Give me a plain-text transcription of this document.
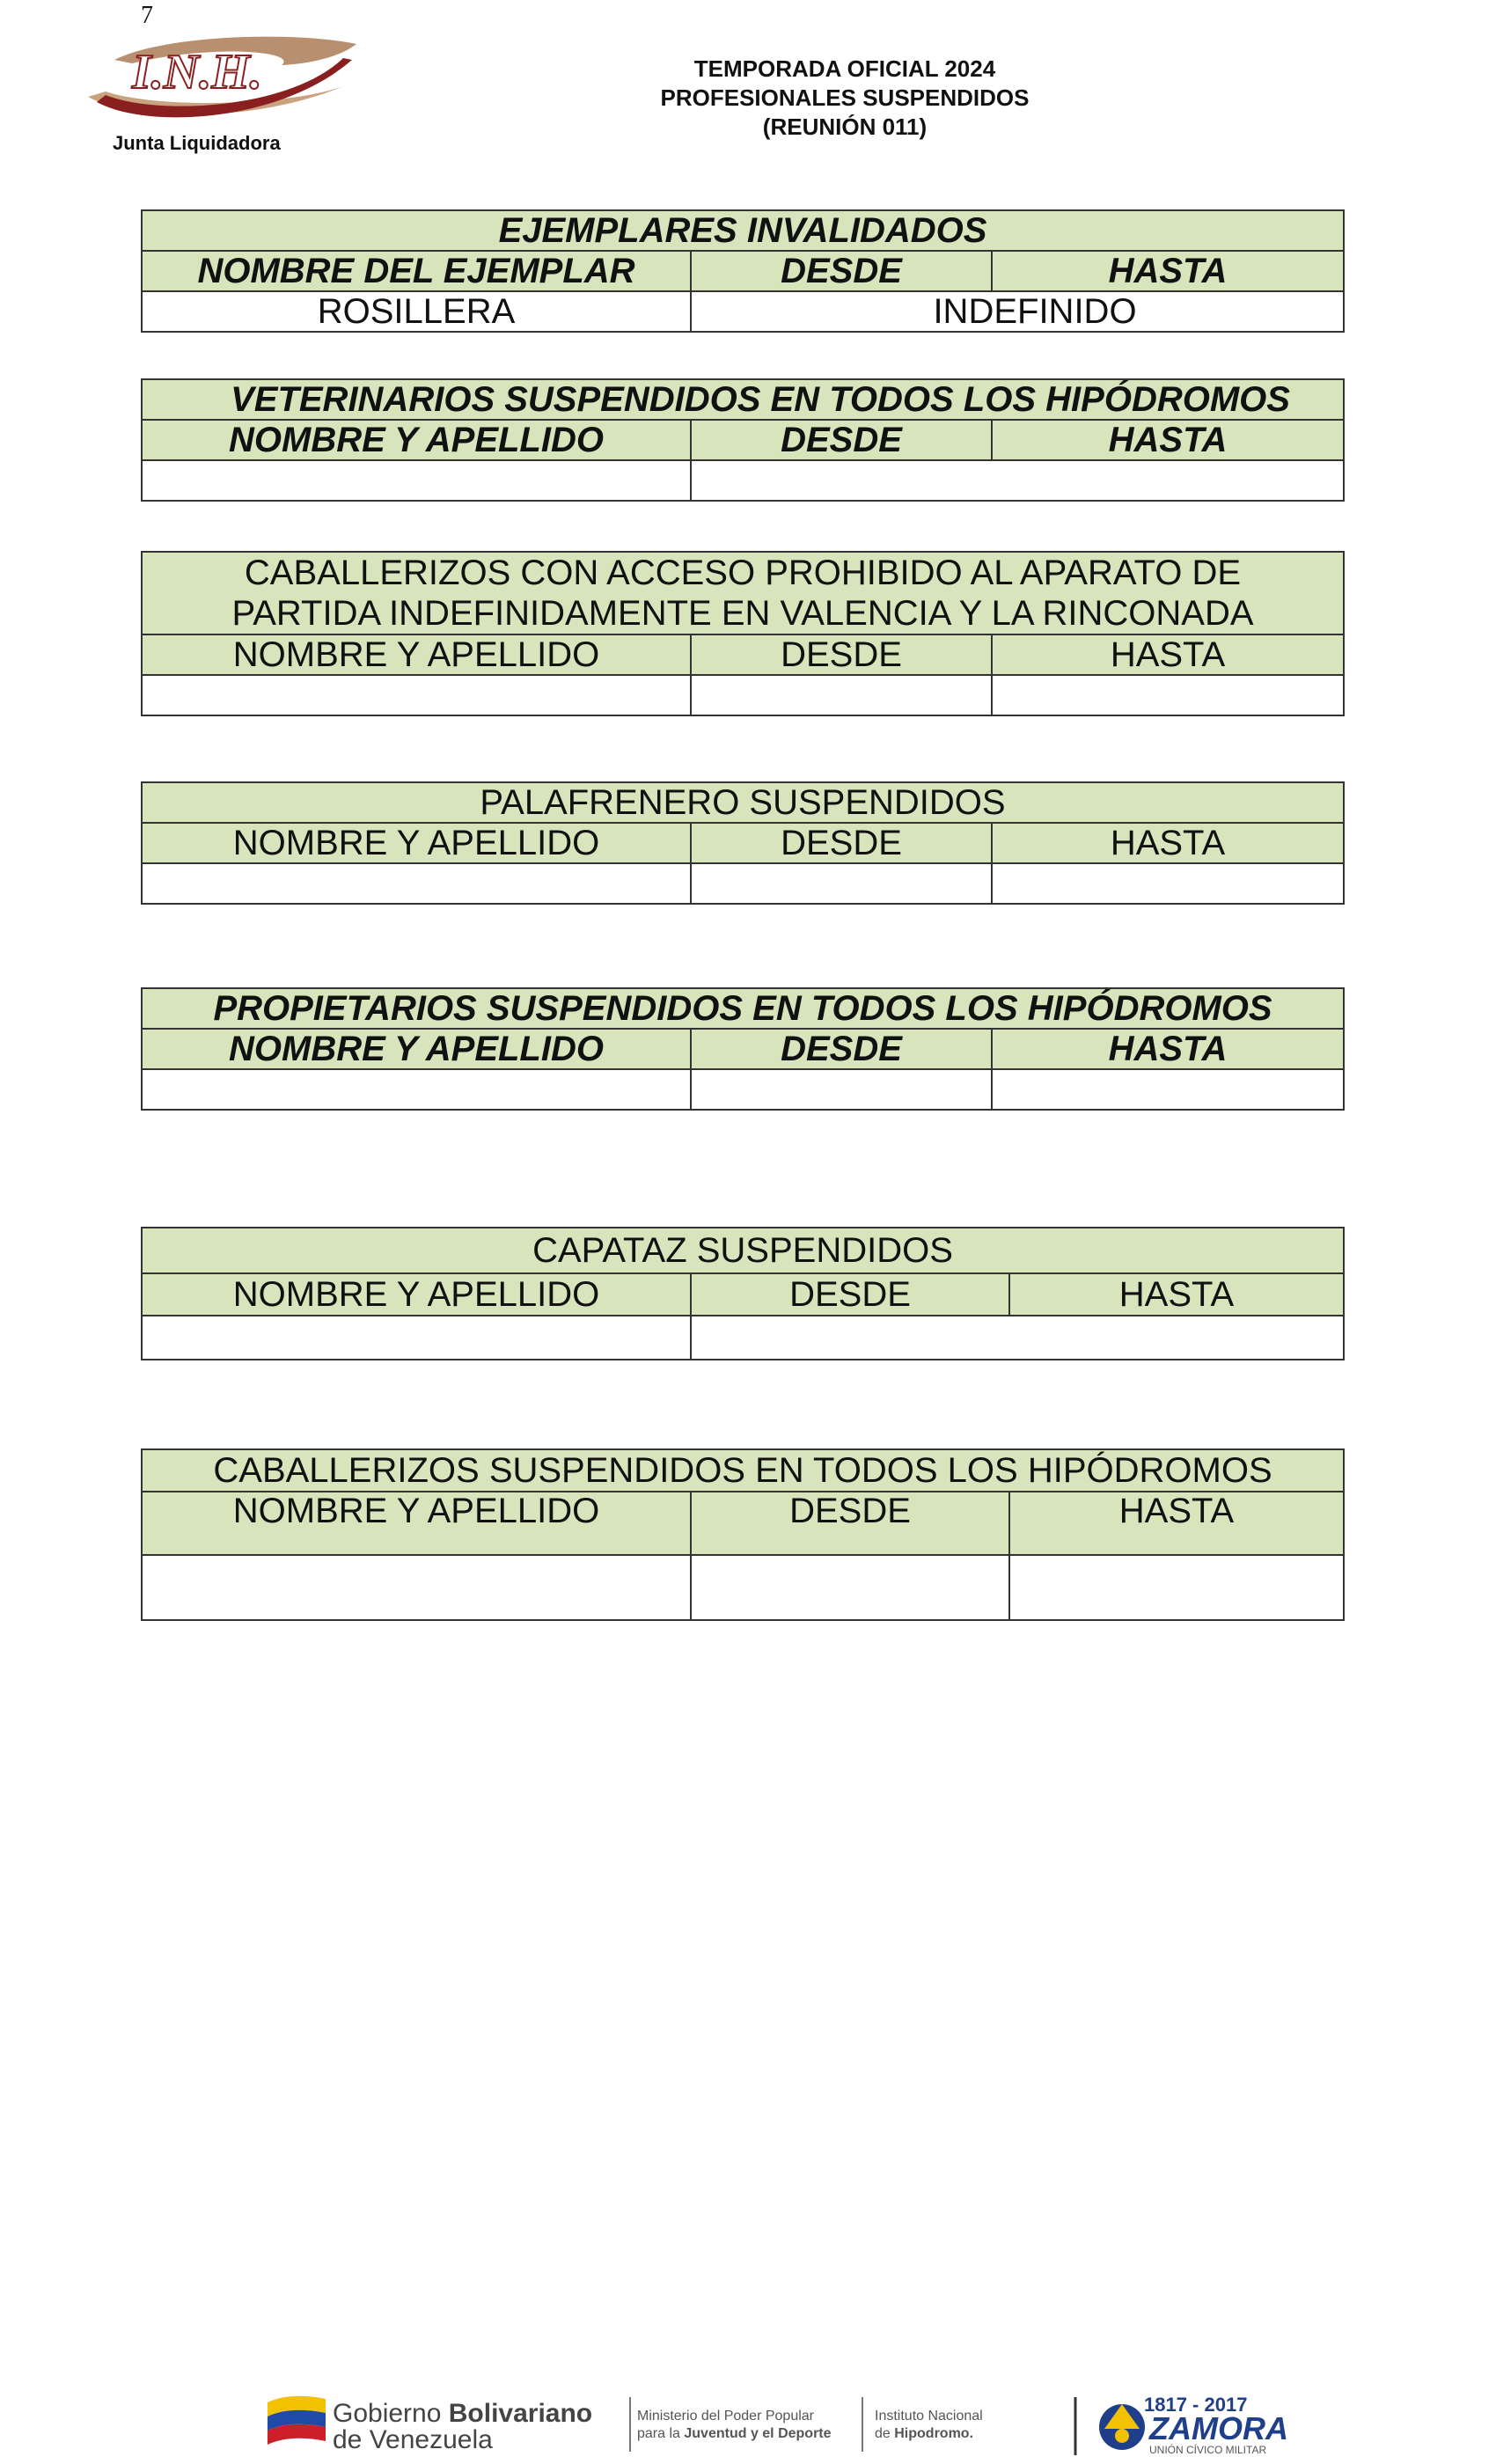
7
I.N.H.
Junta Liquidadora
TEMPORADA OFICIAL 2024
PROFESIONALES SUSPENDIDOS
(REUNIÓN 011)
EJEMPLARES INVALIDADOS		
NOMBRE DEL EJEMPLAR	DESDE	HASTA
ROSILLERA	INDEFINIDO	
VETERINARIOS SUSPENDIDOS EN TODOS LOS HIPÓDROMOS		
NOMBRE Y APELLIDO	DESDE	HASTA

CABALLERIZOS CON ACCESO PROHIBIDO AL APARATO DE
PARTIDA INDEFINIDAMENTE EN VALENCIA Y LA RINCONADA		

NOMBRE Y APELLIDO	DESDE	HASTA

PALAFRENERO SUSPENDIDOS		
NOMBRE Y APELLIDO	DESDE	HASTA

PROPIETARIOS SUSPENDIDOS EN TODOS LOS HIPÓDROMOS		
NOMBRE Y APELLIDO	DESDE	HASTA

CAPATAZ SUSPENDIDOS		
NOMBRE Y APELLIDO	DESDE	HASTA

CABALLERIZOS SUSPENDIDOS EN TODOS LOS HIPÓDROMOS		
NOMBRE Y APELLIDO	DESDE	HASTA

Gobierno Bolivariano
de Venezuela
Ministerio del Poder Popular
para la Juventud y el Deporte
Instituto Nacional
de Hipodromo.
1817 - 2017
ZAMORA
UNIÓN CÍVICO MILITAR
